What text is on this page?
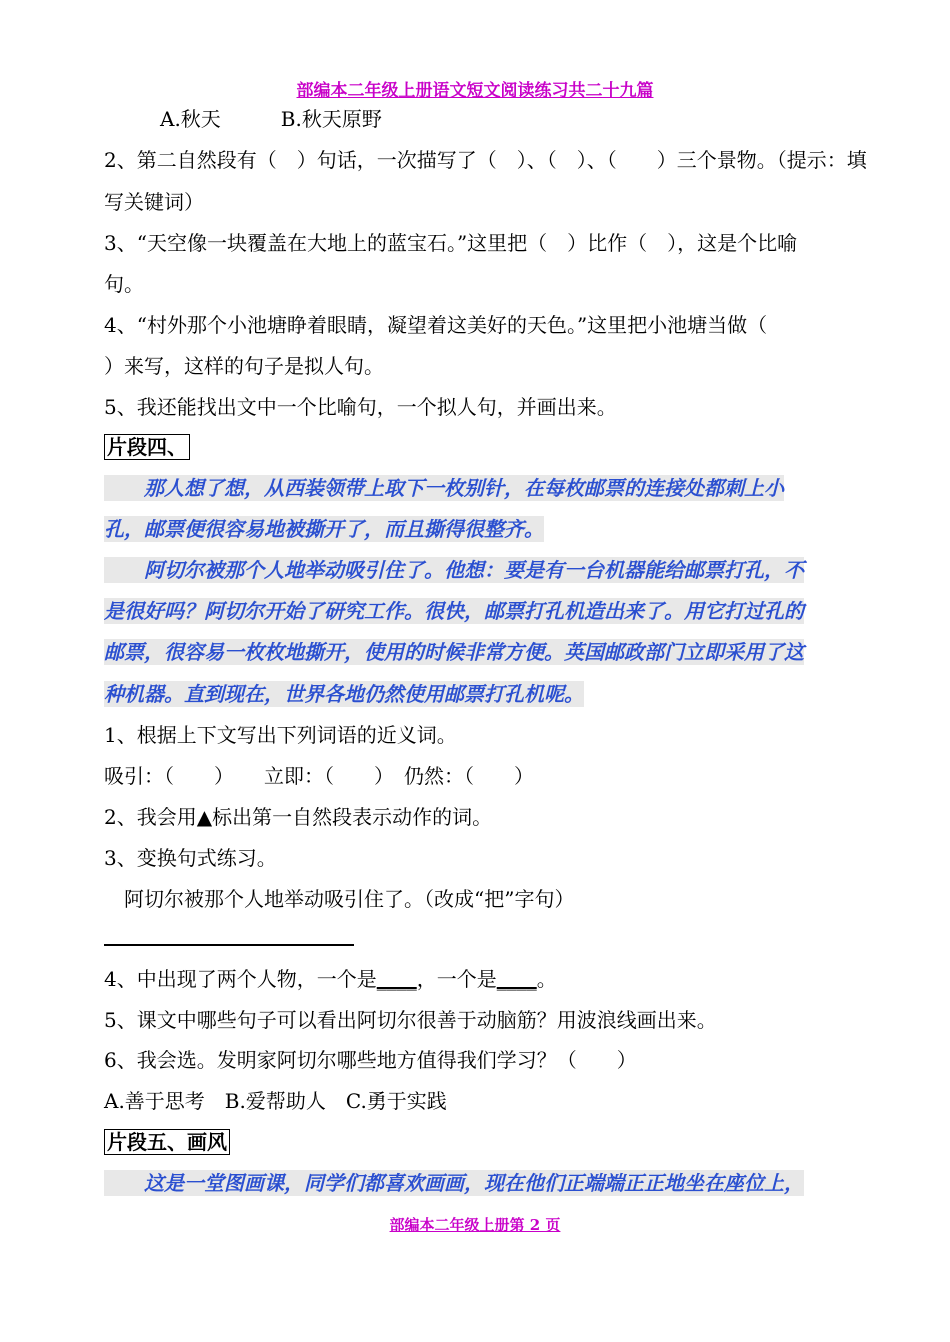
部编本二年级上册语文短文阅读练习共二十九篇
A.秋天　　　B.秋天原野
2、第二自然段有（　）句话，一次描写了（　）、（　）、（　　）三个景物。（提示：填
写关键词）
3、“天空像一块覆盖在大地上的蓝宝石。”这里把（　）比作（　），这是个比喻
句。
4、“村外那个小池塘睁着眼睛，凝望着这美好的天色。”这里把小池塘当做（
）来写，这样的句子是拟人句。
5、我还能找出文中一个比喻句，一个拟人句，并画出来。
片段四、
　　那人想了想，从西装领带上取下一枚别针，在每枚邮票的连接处都刺上小
孔，邮票便很容易地被撕开了，而且撕得很整齐。
　　阿切尔被那个人地举动吸引住了。他想：要是有一台机器能给邮票打孔，不
是很好吗？阿切尔开始了研究工作。很快，邮票打孔机造出来了。用它打过孔的
邮票，很容易一枚枚地撕开，使用的时候非常方便。英国邮政部门立即采用了这
种机器。直到现在，世界各地仍然使用邮票打孔机呢。
1、根据上下文写出下列词语的近义词。
吸引：（　　）　　立即：（　　）　仍然：（　　）
2、我会用▲标出第一自然段表示动作的词。
3、变换句式练习。
　阿切尔被那个人地举动吸引住了。（改成“把”字句）
4、中出现了两个人物，一个是____，一个是____。
5、课文中哪些句子可以看出阿切尔很善于动脑筋？用波浪线画出来。
6、我会选。发明家阿切尔哪些地方值得我们学习？（　　）
A.善于思考　B.爱帮助人　C.勇于实践
片段五、画风
　　这是一堂图画课，同学们都喜欢画画，现在他们正端端正正地坐在座位上，
部编本二年级上册第 2 页
